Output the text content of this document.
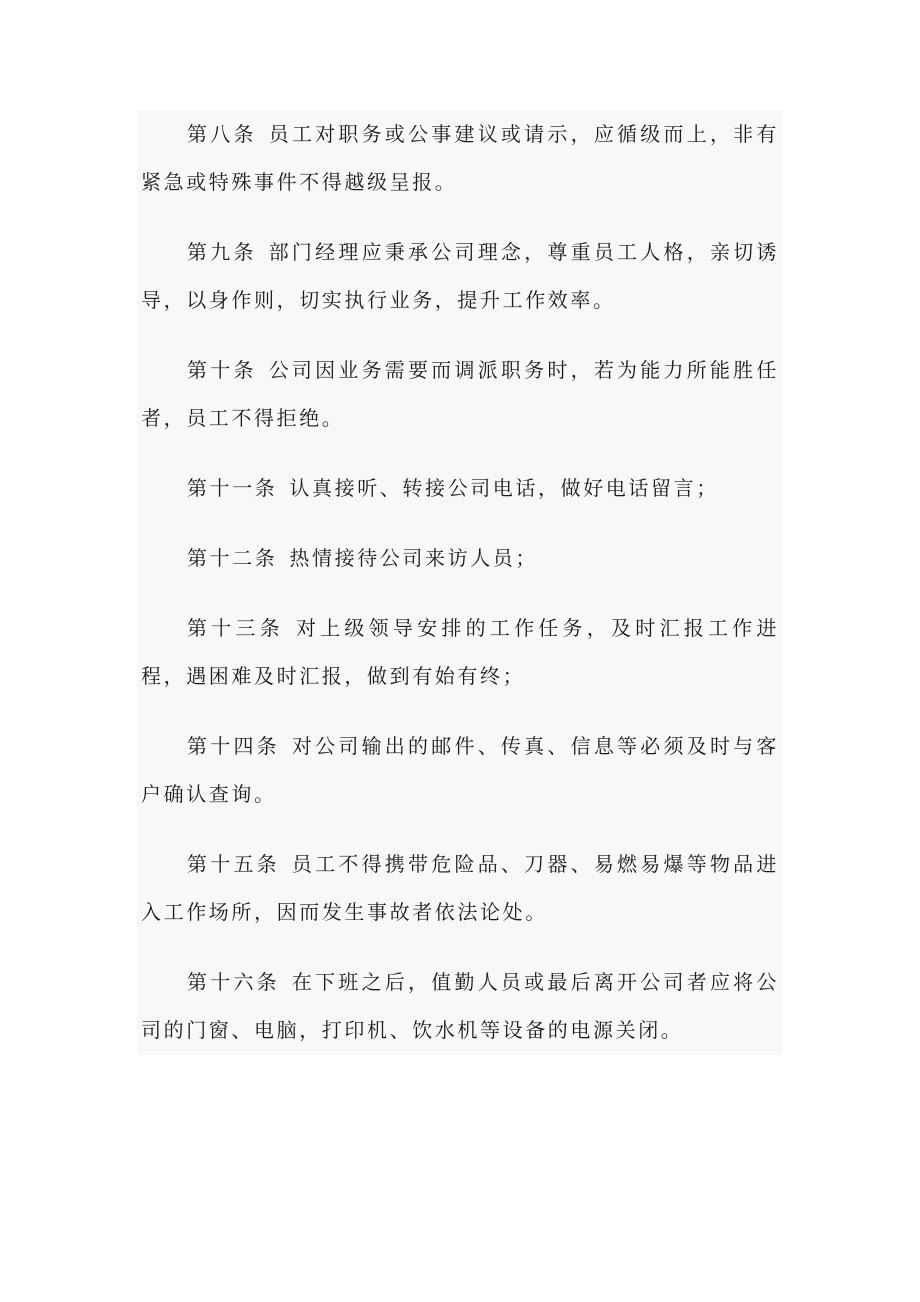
第八条 员工对职务或公事建议或请示，应循级而上，非有紧急或特殊事件不得越级呈报。

第九条 部门经理应秉承公司理念，尊重员工人格，亲切诱导，以身作则，切实执行业务，提升工作效率。

第十条 公司因业务需要而调派职务时，若为能力所能胜任者，员工不得拒绝。

第十一条 认真接听、转接公司电话，做好电话留言；

第十二条 热情接待公司来访人员；

第十三条 对上级领导安排的工作任务，及时汇报工作进程，遇困难及时汇报，做到有始有终；

第十四条 对公司输出的邮件、传真、信息等必须及时与客户确认查询。

第十五条 员工不得携带危险品、刀器、易燃易爆等物品进入工作场所，因而发生事故者依法论处。

第十六条 在下班之后，值勤人员或最后离开公司者应将公司的门窗、电脑，打印机、饮水机等设备的电源关闭。
